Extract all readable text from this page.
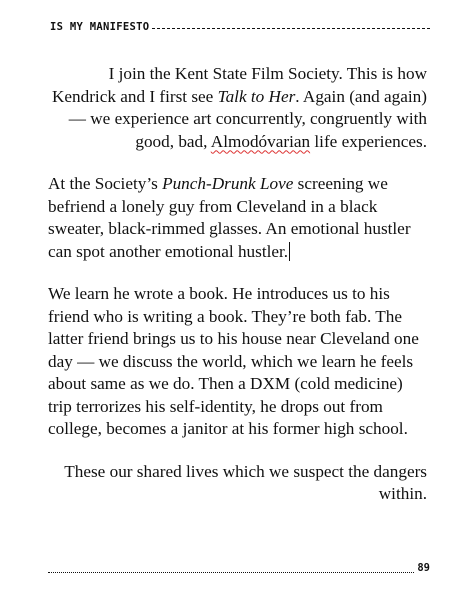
IS MY MANIFESTO

I join the Kent State Film Society. This is how Kendrick and I first see Talk to Her. Again (and again) — we experience art concurrently, congruently with good, bad, Almodóvarian life experiences.

At the Society’s Punch-Drunk Love screening we befriend a lonely guy from Cleveland in a black sweater, black-rimmed glasses. An emotional hustler can spot another emotional hustler.

We learn he wrote a book. He introduces us to his friend who is writing a book. They’re both fab. The latter friend brings us to his house near Cleveland one day — we discuss the world, which we learn he feels about same as we do. Then a DXM (cold medicine) trip terrorizes his self-identity, he drops out from college, becomes a janitor at his former high school.

These our shared lives which we suspect the dangers within.

89
